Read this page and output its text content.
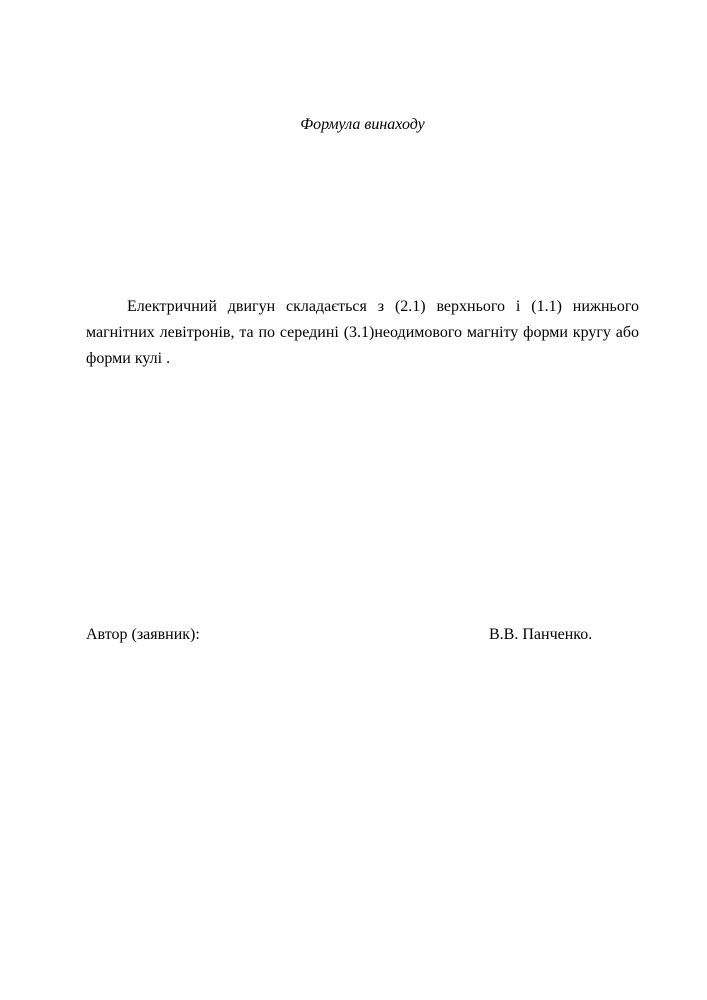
Формула винаходу

Електричний двигун складається з (2.1) верхнього і (1.1) нижнього магнітних левітронів, та по середині (3.1)неодимового магніту форми кругу або форми кулі .

Автор (заявник):	В.В. Панченко.
